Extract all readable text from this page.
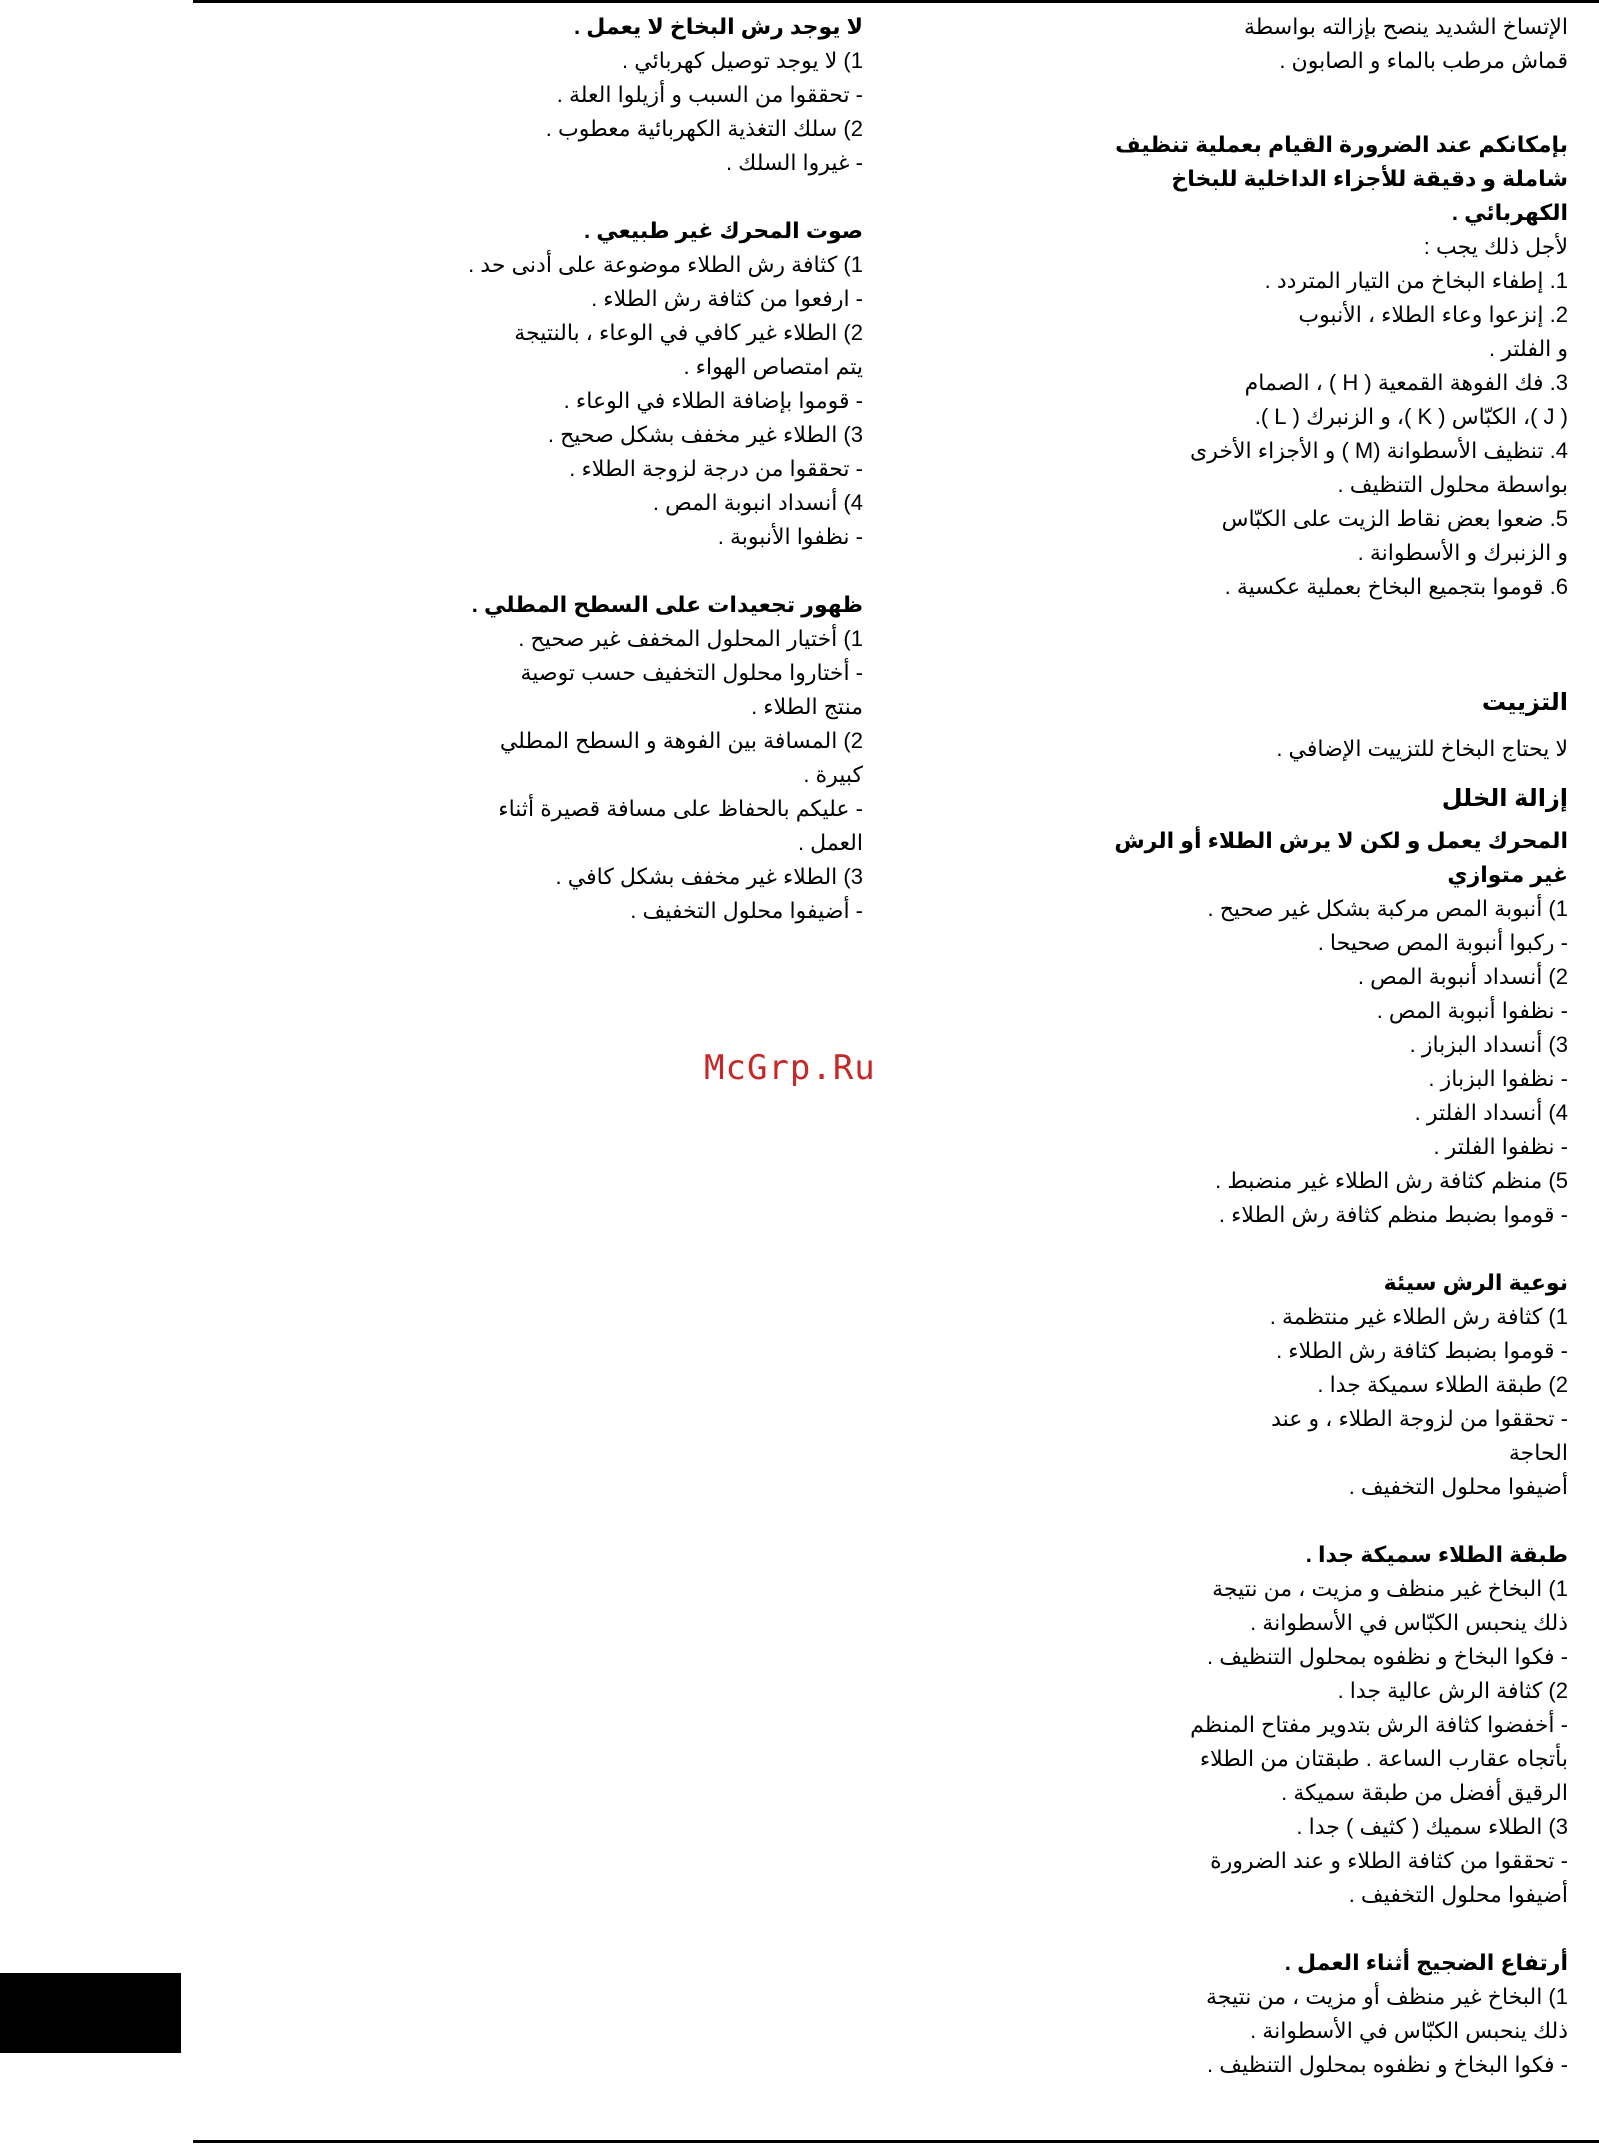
McGrp.Ru
الإتساخ الشديد ينصح بإزالته بواسطة
قماش مرطب بالماء و الصابون .
بإمكانكم عند الضرورة القيام بعملية تنظيف
شاملة و دقيقة للأجزاء الداخلية للبخاخ
الكهربائي .
لأجل ذلك يجب :
1. إطفاء البخاخ من التيار المتردد .
2. إنزعوا وعاء الطلاء ، الأنبوب
و الفلتر .
3. فك الفوهة القمعية ( H ) ، الصمام
( J )، الكبّاس ( K )، و الزنبرك ( L ).
4. تنظيف الأسطوانة (M ) و الأجزاء الأخرى
بواسطة محلول التنظيف .
5. ضعوا بعض نقاط الزيت على الكبّاس
و الزنبرك و الأسطوانة .
6. قوموا بتجميع البخاخ بعملية عكسية .
التزييت
لا يحتاج البخاخ للتزييت الإضافي .
إزالة الخلل
المحرك يعمل و لكن لا يرش الطلاء أو الرش
غير متوازي
1) أنبوبة المص مركبة بشكل غير صحيح .
- ركبوا أنبوبة المص صحيحا .
2) أنسداد أنبوبة المص .
- نظفوا أنبوبة المص .
3) أنسداد البزباز .
- نظفوا البزباز .
4) أنسداد الفلتر .
- نظفوا الفلتر .
5) منظم كثافة رش الطلاء غير منضبط .
- قوموا بضبط منظم كثافة رش الطلاء .
نوعية الرش سيئة
1) كثافة رش الطلاء غير منتظمة .
- قوموا بضبط كثافة رش الطلاء .
2) طبقة الطلاء سميكة جدا .
- تحققوا من لزوجة الطلاء ، و عند
الحاجة
أضيفوا محلول التخفيف .
طبقة الطلاء سميكة جدا .
1) البخاخ غير منظف و مزيت ، من نتيجة
ذلك ينحبس الكبّاس في الأسطوانة .
- فكوا البخاخ و نظفوه بمحلول التنظيف .
2) كثافة الرش عالية جدا .
- أخفضوا كثافة الرش بتدوير مفتاح المنظم
بأتجاه عقارب الساعة . طبقتان من الطلاء
الرقيق أفضل من طبقة سميكة .
3) الطلاء سميك ( كثيف ) جدا .
- تحققوا من كثافة الطلاء و عند الضرورة
أضيفوا محلول التخفيف .
أرتفاع الضجيج أثناء العمل .
1) البخاخ غير منظف أو مزيت ، من نتيجة
ذلك ينحبس الكبّاس في الأسطوانة .
- فكوا البخاخ و نظفوه بمحلول التنظيف .
لا يوجد رش البخاخ لا يعمل .
1) لا يوجد توصيل كهربائي .
- تحققوا من السبب و أزيلوا العلة .
2) سلك التغذية الكهربائية معطوب .
- غيروا السلك .
صوت المحرك غير طبيعي .
1) كثافة رش الطلاء موضوعة على أدنى حد .
- ارفعوا من كثافة رش الطلاء .
2) الطلاء غير كافي في الوعاء ، بالنتيجة
يتم امتصاص الهواء .
- قوموا بإضافة الطلاء في الوعاء .
3) الطلاء غير مخفف بشكل صحيح .
- تحققوا من درجة لزوجة الطلاء .
4) أنسداد انبوبة المص .
- نظفوا الأنبوبة .
ظهور تجعيدات على السطح المطلي .
1) أختيار المحلول المخفف غير صحيح .
- أختاروا محلول التخفيف حسب توصية
منتج الطلاء .
2) المسافة بين الفوهة و السطح المطلي
كبيرة .
- عليكم بالحفاظ على مسافة قصيرة أثناء
العمل .
3) الطلاء غير مخفف بشكل كافي .
- أضيفوا محلول التخفيف .
